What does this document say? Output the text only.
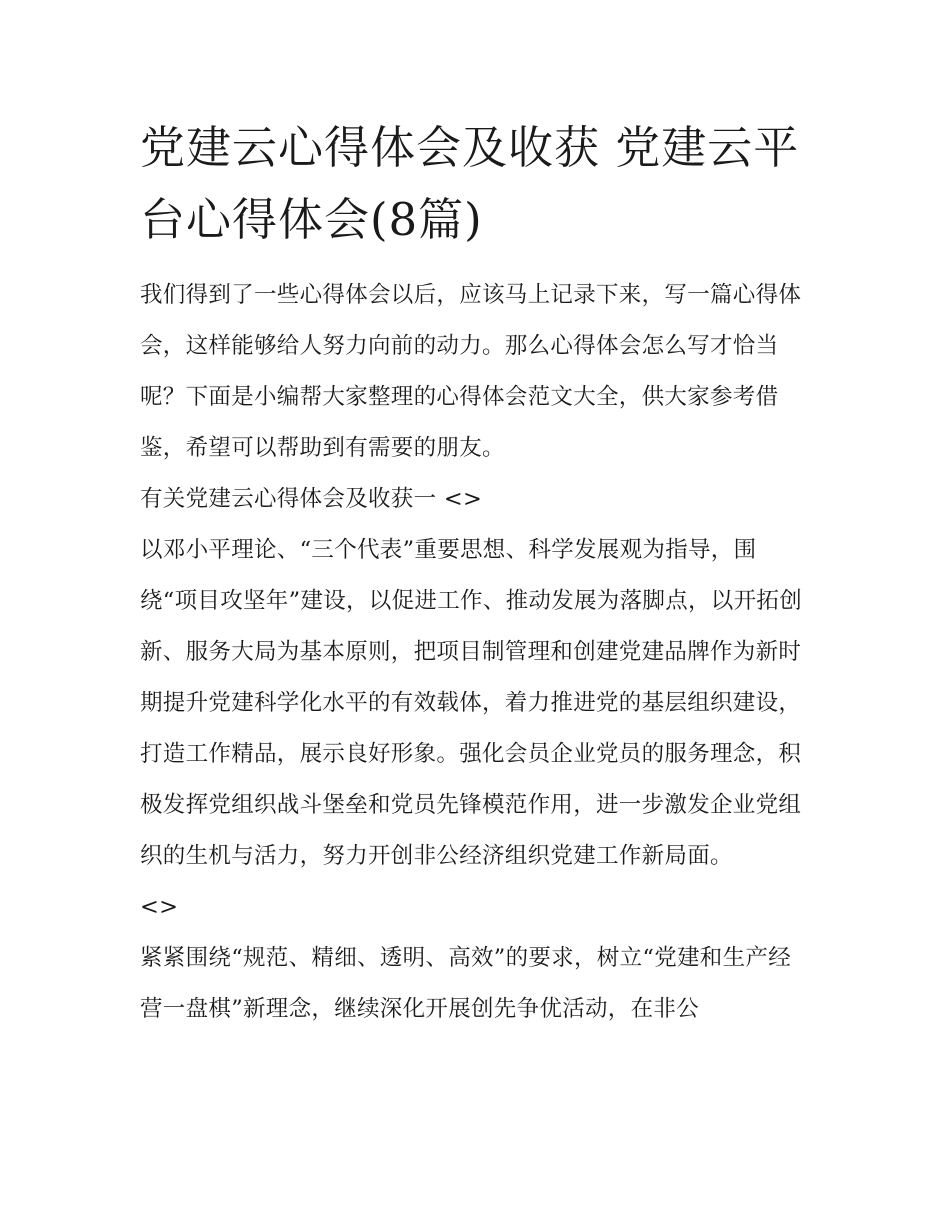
党建云心得体会及收获 党建云平台心得体会(8篇)

我们得到了一些心得体会以后，应该马上记录下来，写一篇心得体会，这样能够给人努力向前的动力。那么心得体会怎么写才恰当呢？下面是小编帮大家整理的心得体会范文大全，供大家参考借鉴，希望可以帮助到有需要的朋友。

有关党建云心得体会及收获一 <>

以邓小平理论、“三个代表”重要思想、科学发展观为指导，围绕“项目攻坚年”建设，以促进工作、推动发展为落脚点，以开拓创新、服务大局为基本原则，把项目制管理和创建党建品牌作为新时期提升党建科学化水平的有效载体，着力推进党的基层组织建设，打造工作精品，展示良好形象。强化会员企业党员的服务理念，积极发挥党组织战斗堡垒和党员先锋模范作用，进一步激发企业党组织的生机与活力，努力开创非公经济组织党建工作新局面。

<>

紧紧围绕“规范、精细、透明、高效”的要求，树立“党建和生产经营一盘棋”新理念，继续深化开展创先争优活动，在非公
